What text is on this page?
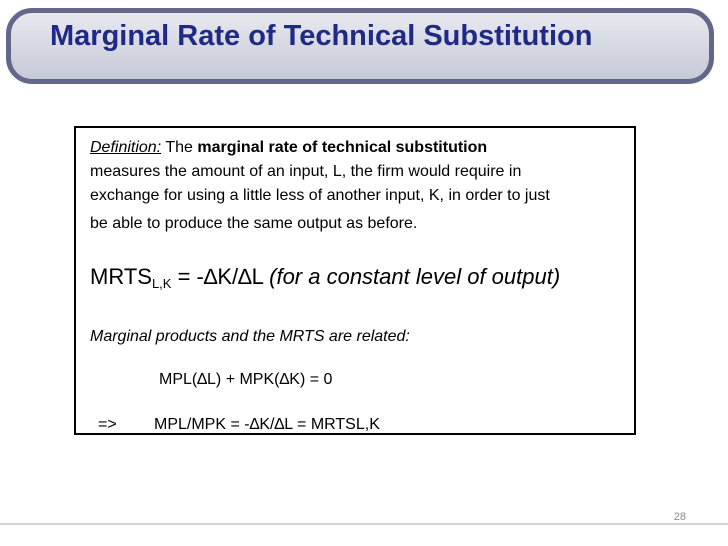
Marginal Rate of Technical Substitution
Definition: The marginal rate of technical substitution
measures the amount of an input, L, the firm would require in
exchange for using a little less of another input, K, in order to just
be able to produce the same output as before.
$MRTS_{L,K} = -\Delta K/\Delta L$ (for a constant level of output)
Marginal products and the MRTS are related:
MPL(∆L) + MPK(∆K) = 0
=> MPL/MPK = -∆K/∆L = MRTSL,K
28
